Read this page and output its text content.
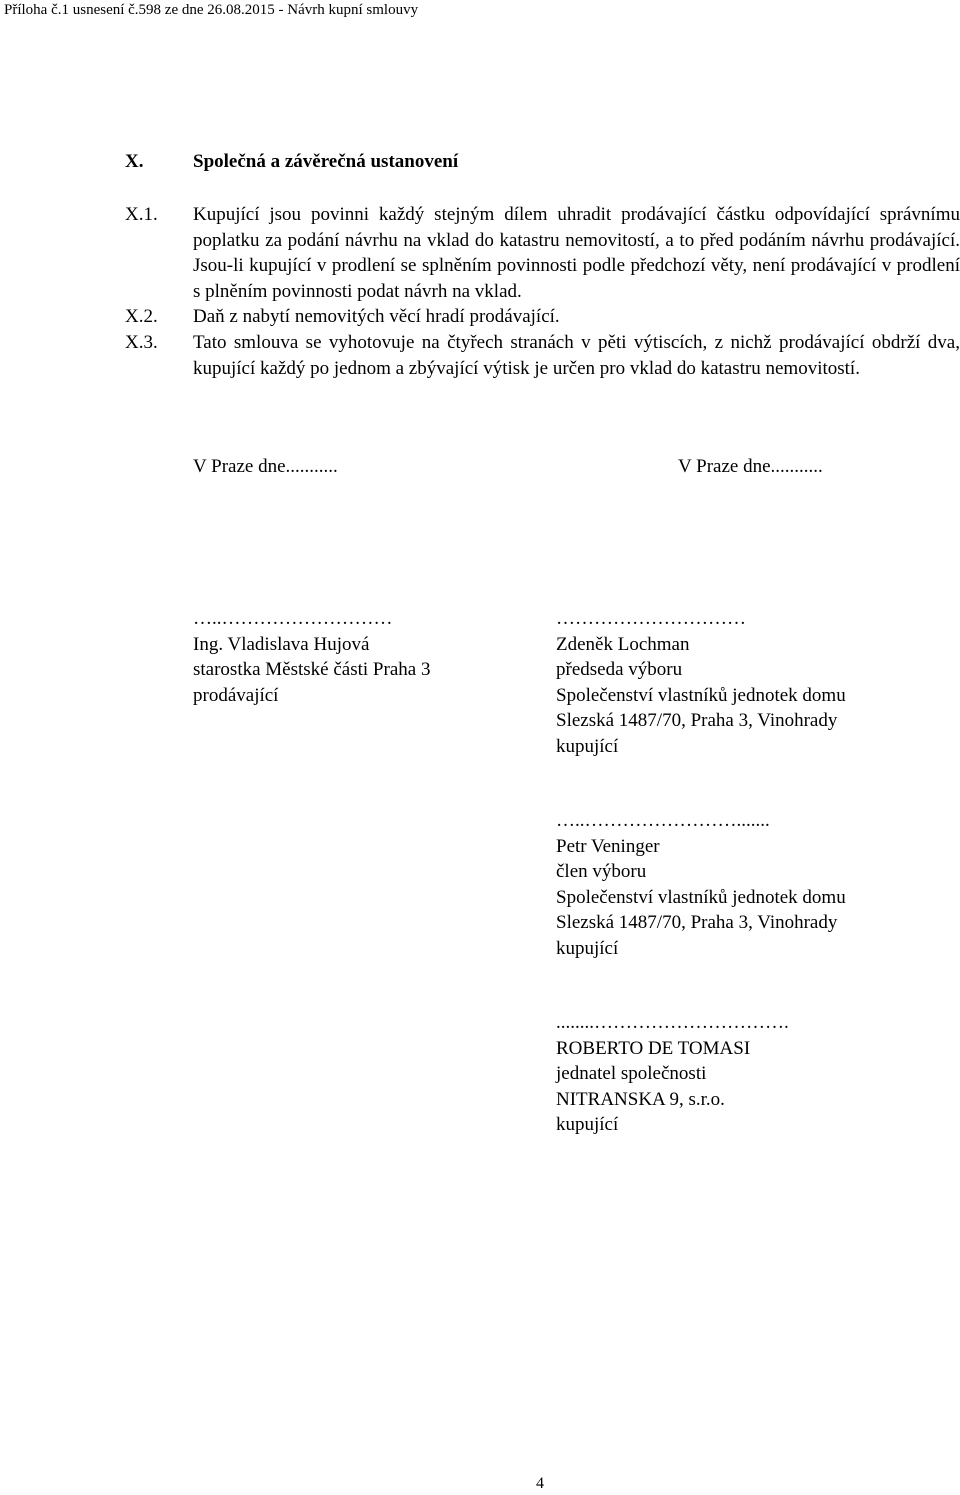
Příloha č.1 usnesení č.598 ze dne 26.08.2015 - Návrh kupní smlouvy
X.	Společná a závěrečná ustanovení
X.1. Kupující jsou povinni každý stejným dílem uhradit prodávající částku odpovídající správnímu poplatku za podání návrhu na vklad do katastru nemovitostí, a to před podáním návrhu prodávající. Jsou-li kupující v prodlení se splněním povinnosti podle předchozí věty, není prodávající v prodlení s plněním povinnosti podat návrh na vklad.
X.2. Daň z nabytí nemovitých věcí hradí prodávající.
X.3. Tato smlouva se vyhotovuje na čtyřech stranách v pěti výtiscích, z nichž prodávající obdrží dva, kupující každý po jednom a zbývající výtisk je určen pro vklad do katastru nemovitostí.
V Praze dne...........	V Praze dne...........
…..………………………
Ing. Vladislava Hujová
starostka Městské části Praha 3
prodávající
…………………………
Zdeněk Lochman
předseda výboru
Společenství vlastníků jednotek domu
Slezská 1487/70, Praha 3, Vinohrady
kupující
…..…………………….......
Petr Veninger
člen výboru
Společenství vlastníků jednotek domu
Slezská 1487/70, Praha 3, Vinohrady
kupující
........………………………….
ROBERTO DE TOMASI
jednatel společnosti
NITRANSKA 9, s.r.o.
kupující
4
